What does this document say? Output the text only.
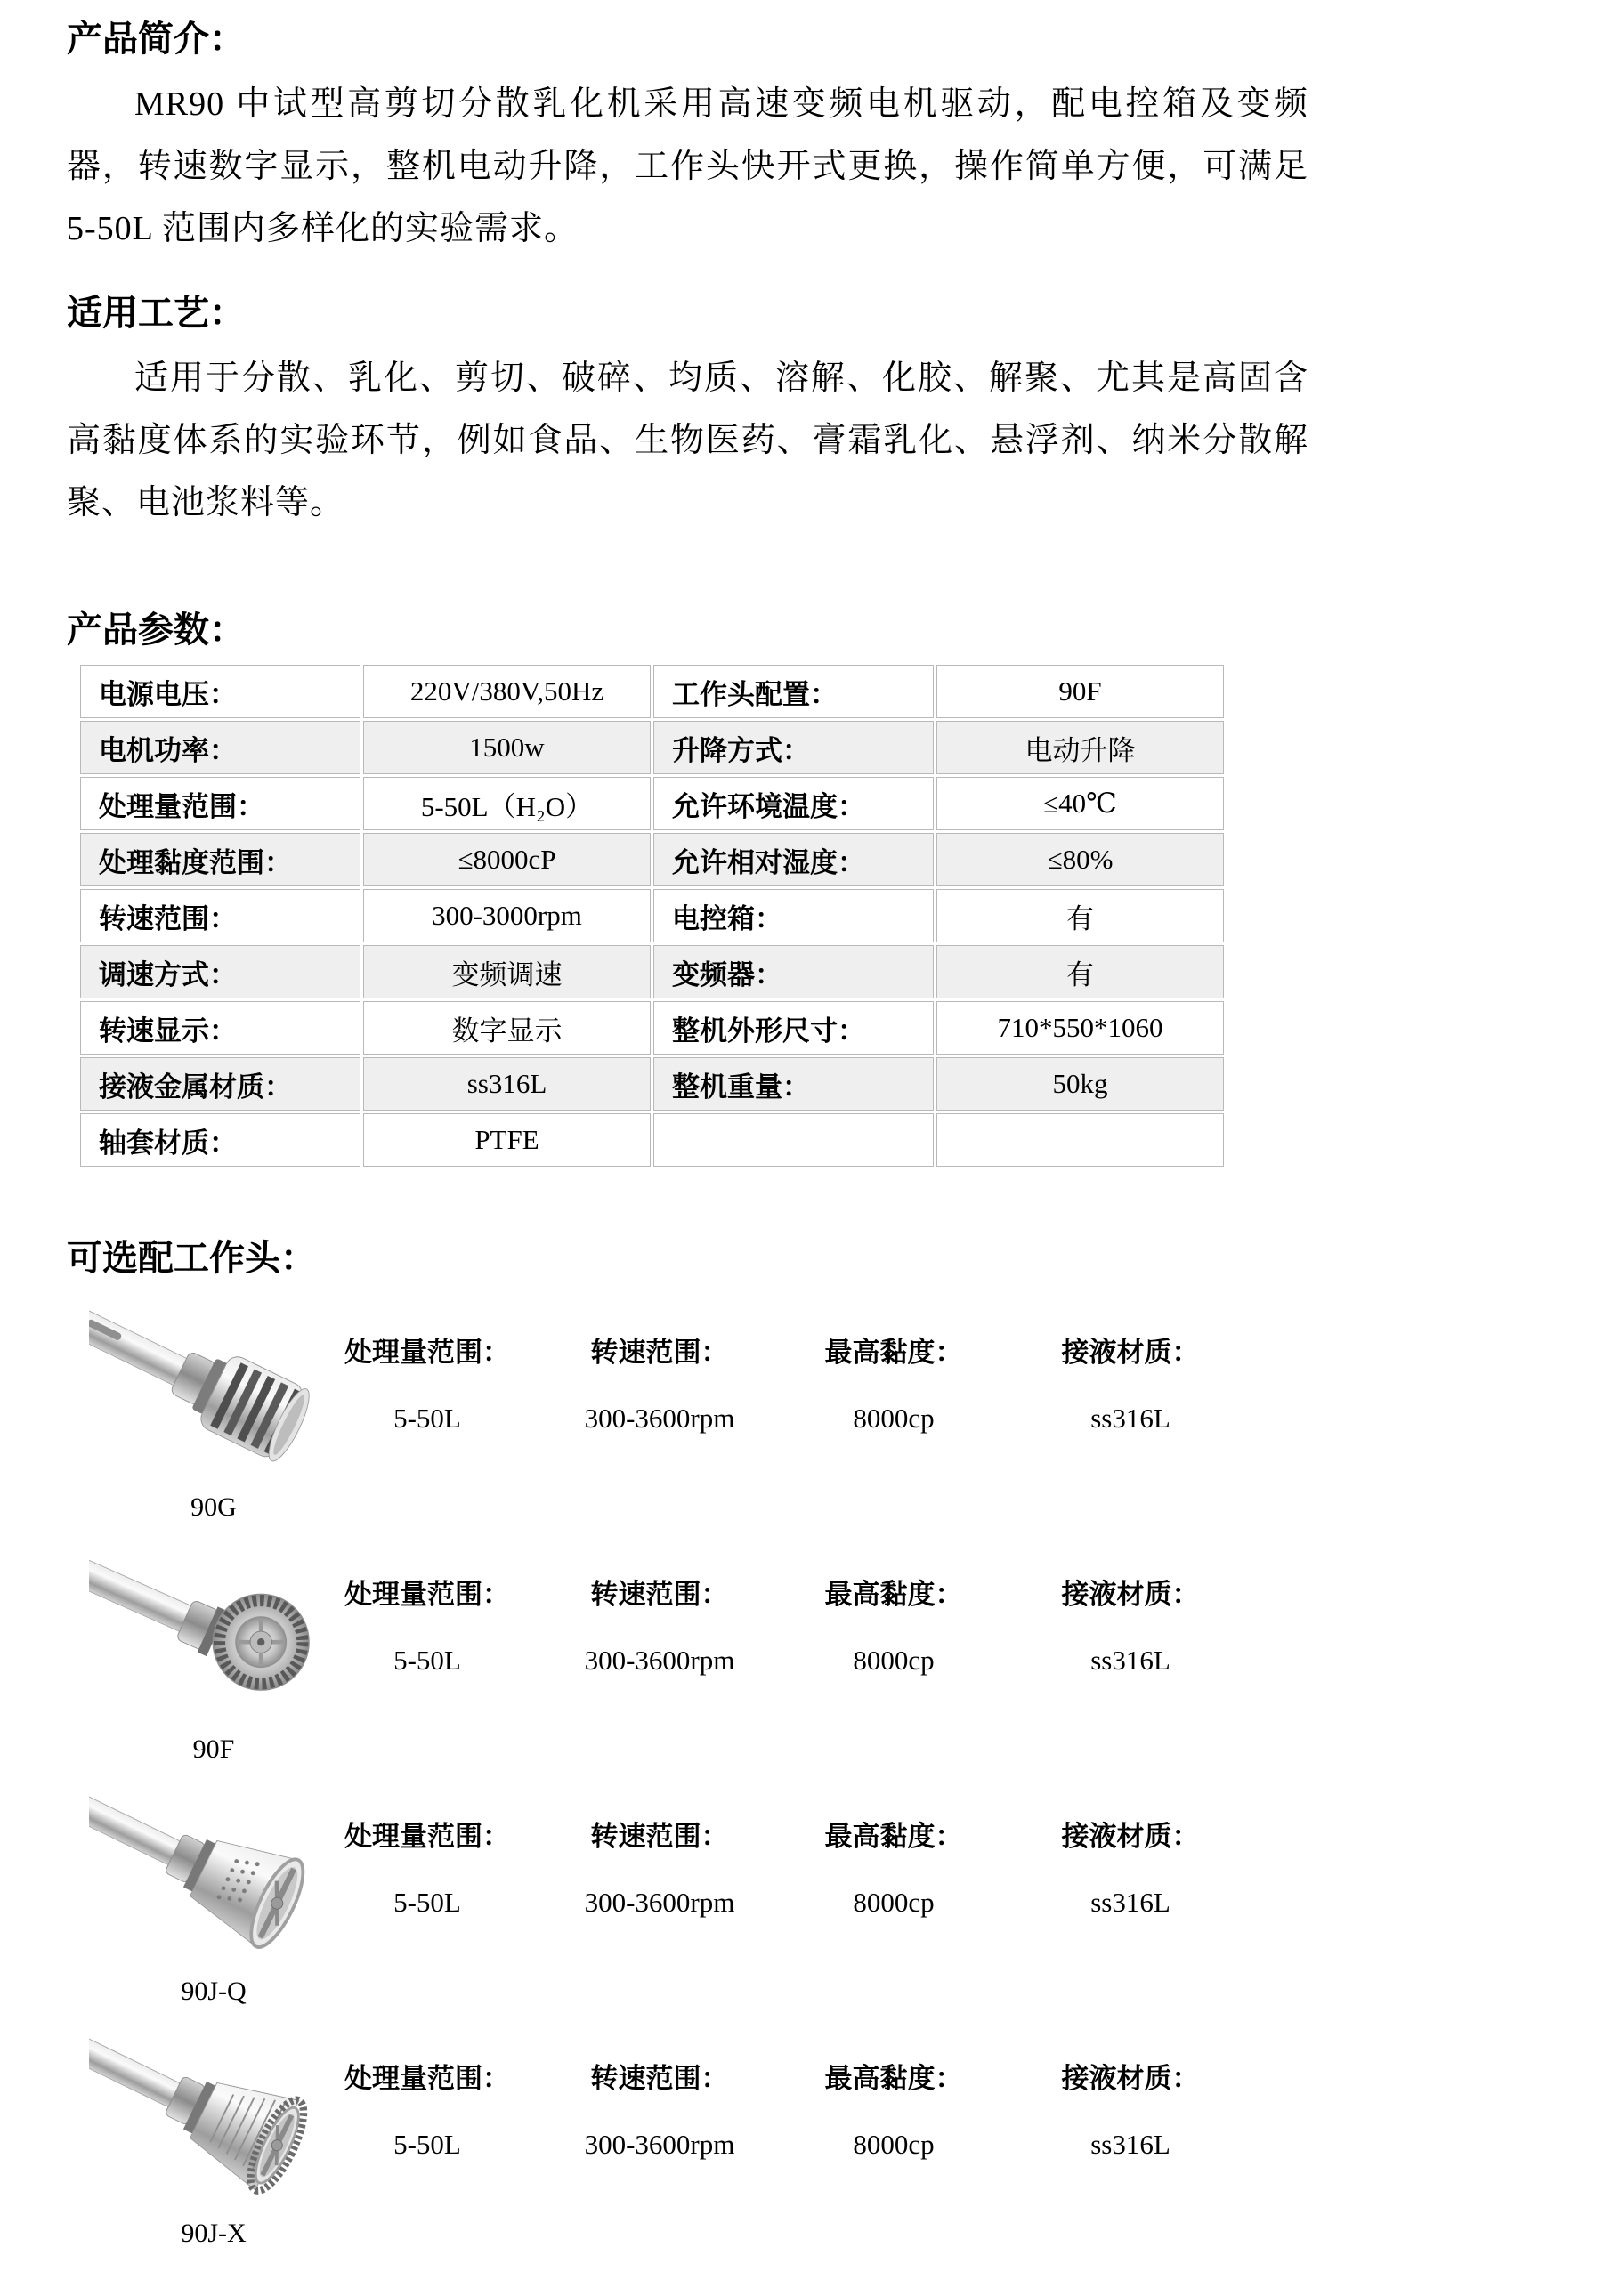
产品简介：

MR90 中试型高剪切分散乳化机采用高速变频电机驱动，配电控箱及变频器，转速数字显示，整机电动升降，工作头快开式更换，操作简单方便，可满足 5-50L 范围内多样化的实验需求。

适用工艺：

适用于分散、乳化、剪切、破碎、均质、溶解、化胶、解聚、尤其是高固含高黏度体系的实验环节，例如食品、生物医药、膏霜乳化、悬浮剂、纳米分散解聚、电池浆料等。

产品参数：
电源电压：	220V/380V,50Hz	工作头配置：	90F
电机功率：	1500w	升降方式：	电动升降
处理量范围：	5-50L（H₂O）	允许环境温度：	≤40℃
处理黏度范围：	≤8000cP	允许相对湿度：	≤80%
转速范围：	300-3000rpm	电控箱：	有
调速方式：	变频调速	变频器：	有
转速显示：	数字显示	整机外形尺寸：	710*550*1060
接液金属材质：	ss316L	整机重量：	50kg
轴套材质：	PTFE		
可选配工作头：
90G
处理量范围：
5-50L
转速范围：
300-3600rpm
最高黏度：
8000cp
接液材质：
ss316L
90F
处理量范围：
5-50L
转速范围：
300-3600rpm
最高黏度：
8000cp
接液材质：
ss316L
90J-Q
处理量范围：
5-50L
转速范围：
300-3600rpm
最高黏度：
8000cp
接液材质：
ss316L
90J-X
处理量范围：
5-50L
转速范围：
300-3600rpm
最高黏度：
8000cp
接液材质：
ss316L
